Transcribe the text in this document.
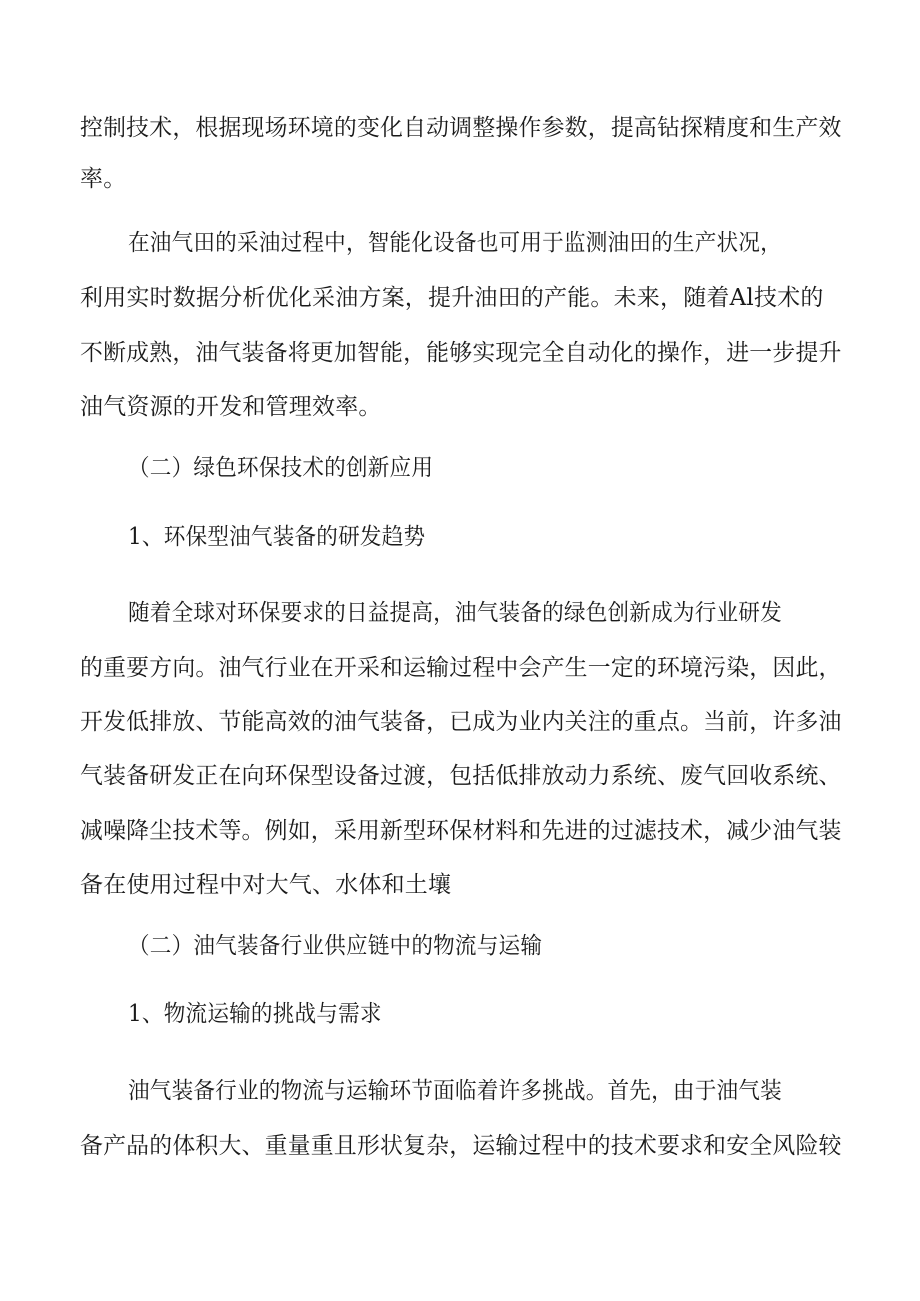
控制技术，根据现场环境的变化自动调整操作参数，提高钻探精度和生产效
率。
在油气田的采油过程中，智能化设备也可用于监测油田的生产状况，
利用实时数据分析优化采油方案，提升油田的产能。未来，随着Al技术的
不断成熟，油气装备将更加智能，能够实现完全自动化的操作，进一步提升
油气资源的开发和管理效率。
（二）绿色环保技术的创新应用
1、环保型油气装备的研发趋势
随着全球对环保要求的日益提高，油气装备的绿色创新成为行业研发
的重要方向。油气行业在开采和运输过程中会产生一定的环境污染，因此，
开发低排放、节能高效的油气装备，已成为业内关注的重点。当前，许多油
气装备研发正在向环保型设备过渡，包括低排放动力系统、废气回收系统、
减噪降尘技术等。例如，采用新型环保材料和先进的过滤技术，减少油气装
备在使用过程中对大气、水体和土壤
（二）油气装备行业供应链中的物流与运输
1、物流运输的挑战与需求
油气装备行业的物流与运输环节面临着许多挑战。首先，由于油气装
备产品的体积大、重量重且形状复杂，运输过程中的技术要求和安全风险较
